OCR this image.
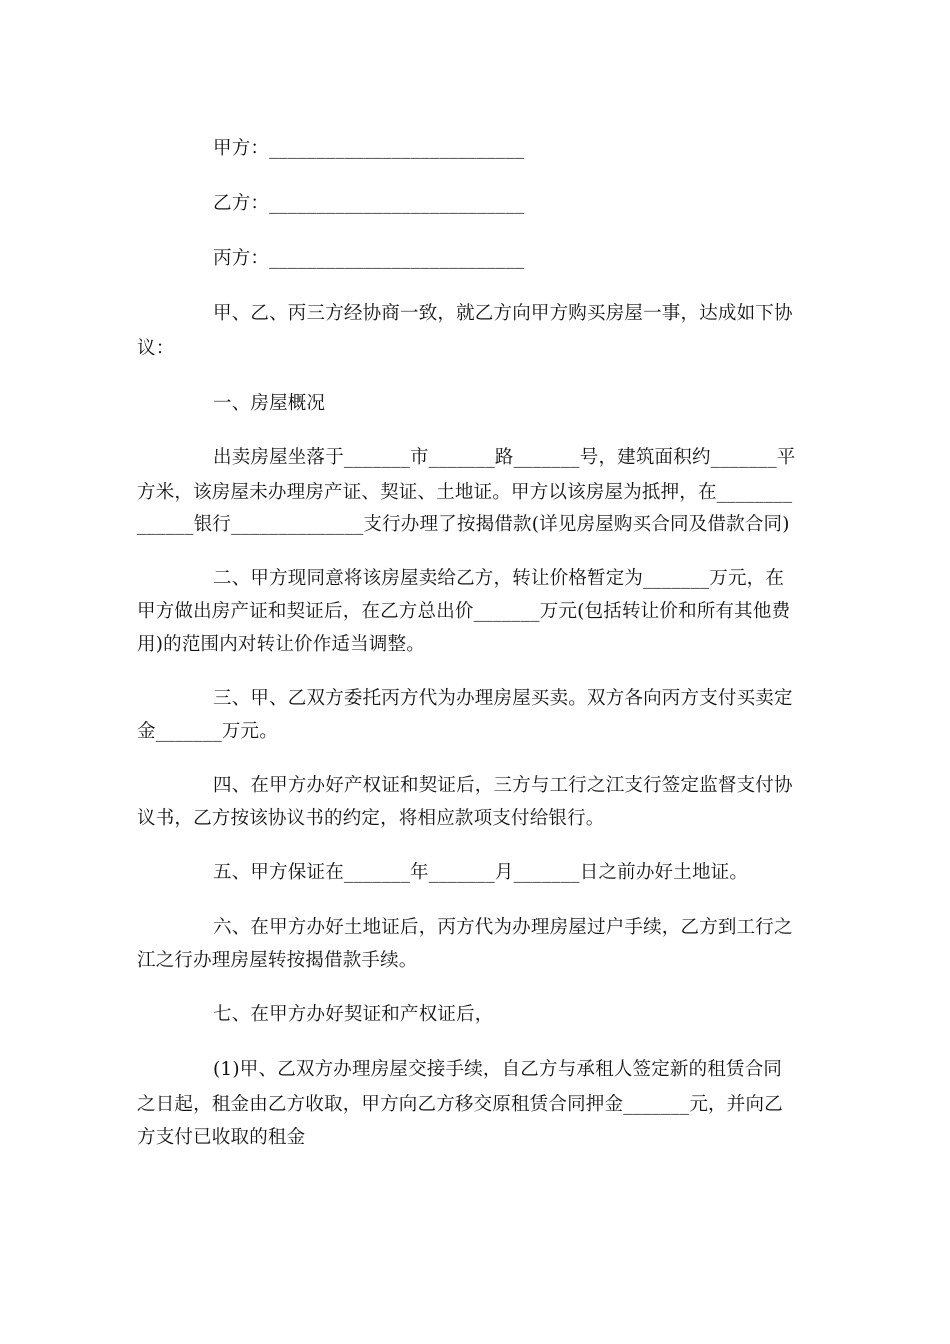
甲方：___________________________
乙方：___________________________
丙方：___________________________
甲、乙、丙三方经协商一致，就乙方向甲方购买房屋一事，达成如下协
议：
一、房屋概况
出卖房屋坐落于_______市_______路_______号，建筑面积约_______平
方米，该房屋未办理房产证、契证、土地证。甲方以该房屋为抵押，在________
______银行______________支行办理了按揭借款(详见房屋购买合同及借款合同)
二、甲方现同意将该房屋卖给乙方，转让价格暂定为_______万元，在
甲方做出房产证和契证后，在乙方总出价_______万元(包括转让价和所有其他费
用)的范围内对转让价作适当调整。
三、甲、乙双方委托丙方代为办理房屋买卖。双方各向丙方支付买卖定
金_______万元。
四、在甲方办好产权证和契证后，三方与工行之江支行签定监督支付协
议书，乙方按该协议书的约定，将相应款项支付给银行。
五、甲方保证在_______年_______月_______日之前办好土地证。
六、在甲方办好土地证后，丙方代为办理房屋过户手续，乙方到工行之
江之行办理房屋转按揭借款手续。
七、在甲方办好契证和产权证后，
(1)甲、乙双方办理房屋交接手续，自乙方与承租人签定新的租赁合同
之日起，租金由乙方收取，甲方向乙方移交原租赁合同押金_______元，并向乙
方支付已收取的租金
